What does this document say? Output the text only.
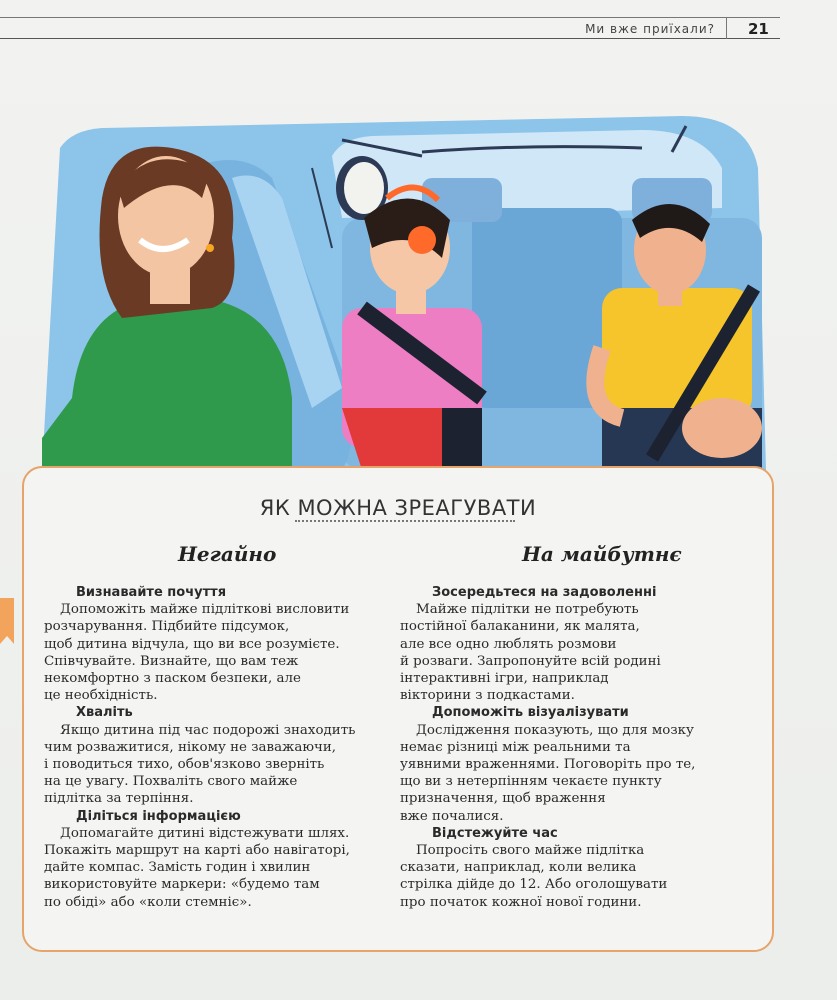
Ми вже приїхали? 21
ЯК МОЖНА ЗРЕАГУВАТИ
Негайно	На майбутнє

Визнавайте почуття

Допоможіть майже підліткові висловити

розчарування. Підбийте підсумок,

щоб дитина відчула, що ви все розумієте.

Співчувайте. Визнайте, що вам теж

некомфортно з паском безпеки, але

це необхідність.

Хваліть

Якщо дитина під час подорожі знаходить

чим розважитися, нікому не заважаючи,

і поводиться тихо, обов'язково зверніть

на це увагу. Похваліть свого майже

підлітка за терпіння.

Діліться інформацією

Допомагайте дитині відстежувати шлях.

Покажіть маршрут на карті або навігаторі,

дайте компас. Замість годин і хвилин

використовуйте маркери: «будемо там

по обіді» або «коли стемніє».

Зосередьтеся на задоволенні

Майже підлітки не потребують

постійної балаканини, як малята,

але все одно люблять розмови

й розваги. Запропонуйте всій родині

інтерактивні ігри, наприклад

вікторини з подкастами.

Допоможіть візуалізувати

Дослідження показують, що для мозку

немає різниці між реальними та

уявними враженнями. Поговоріть про те,

що ви з нетерпінням чекаєте пункту

призначення, щоб враження

вже почалися.

Відстежуйте час

Попросіть свого майже підлітка

сказати, наприклад, коли велика

стрілка дійде до 12. Або оголошувати

про початок кожної нової години.
